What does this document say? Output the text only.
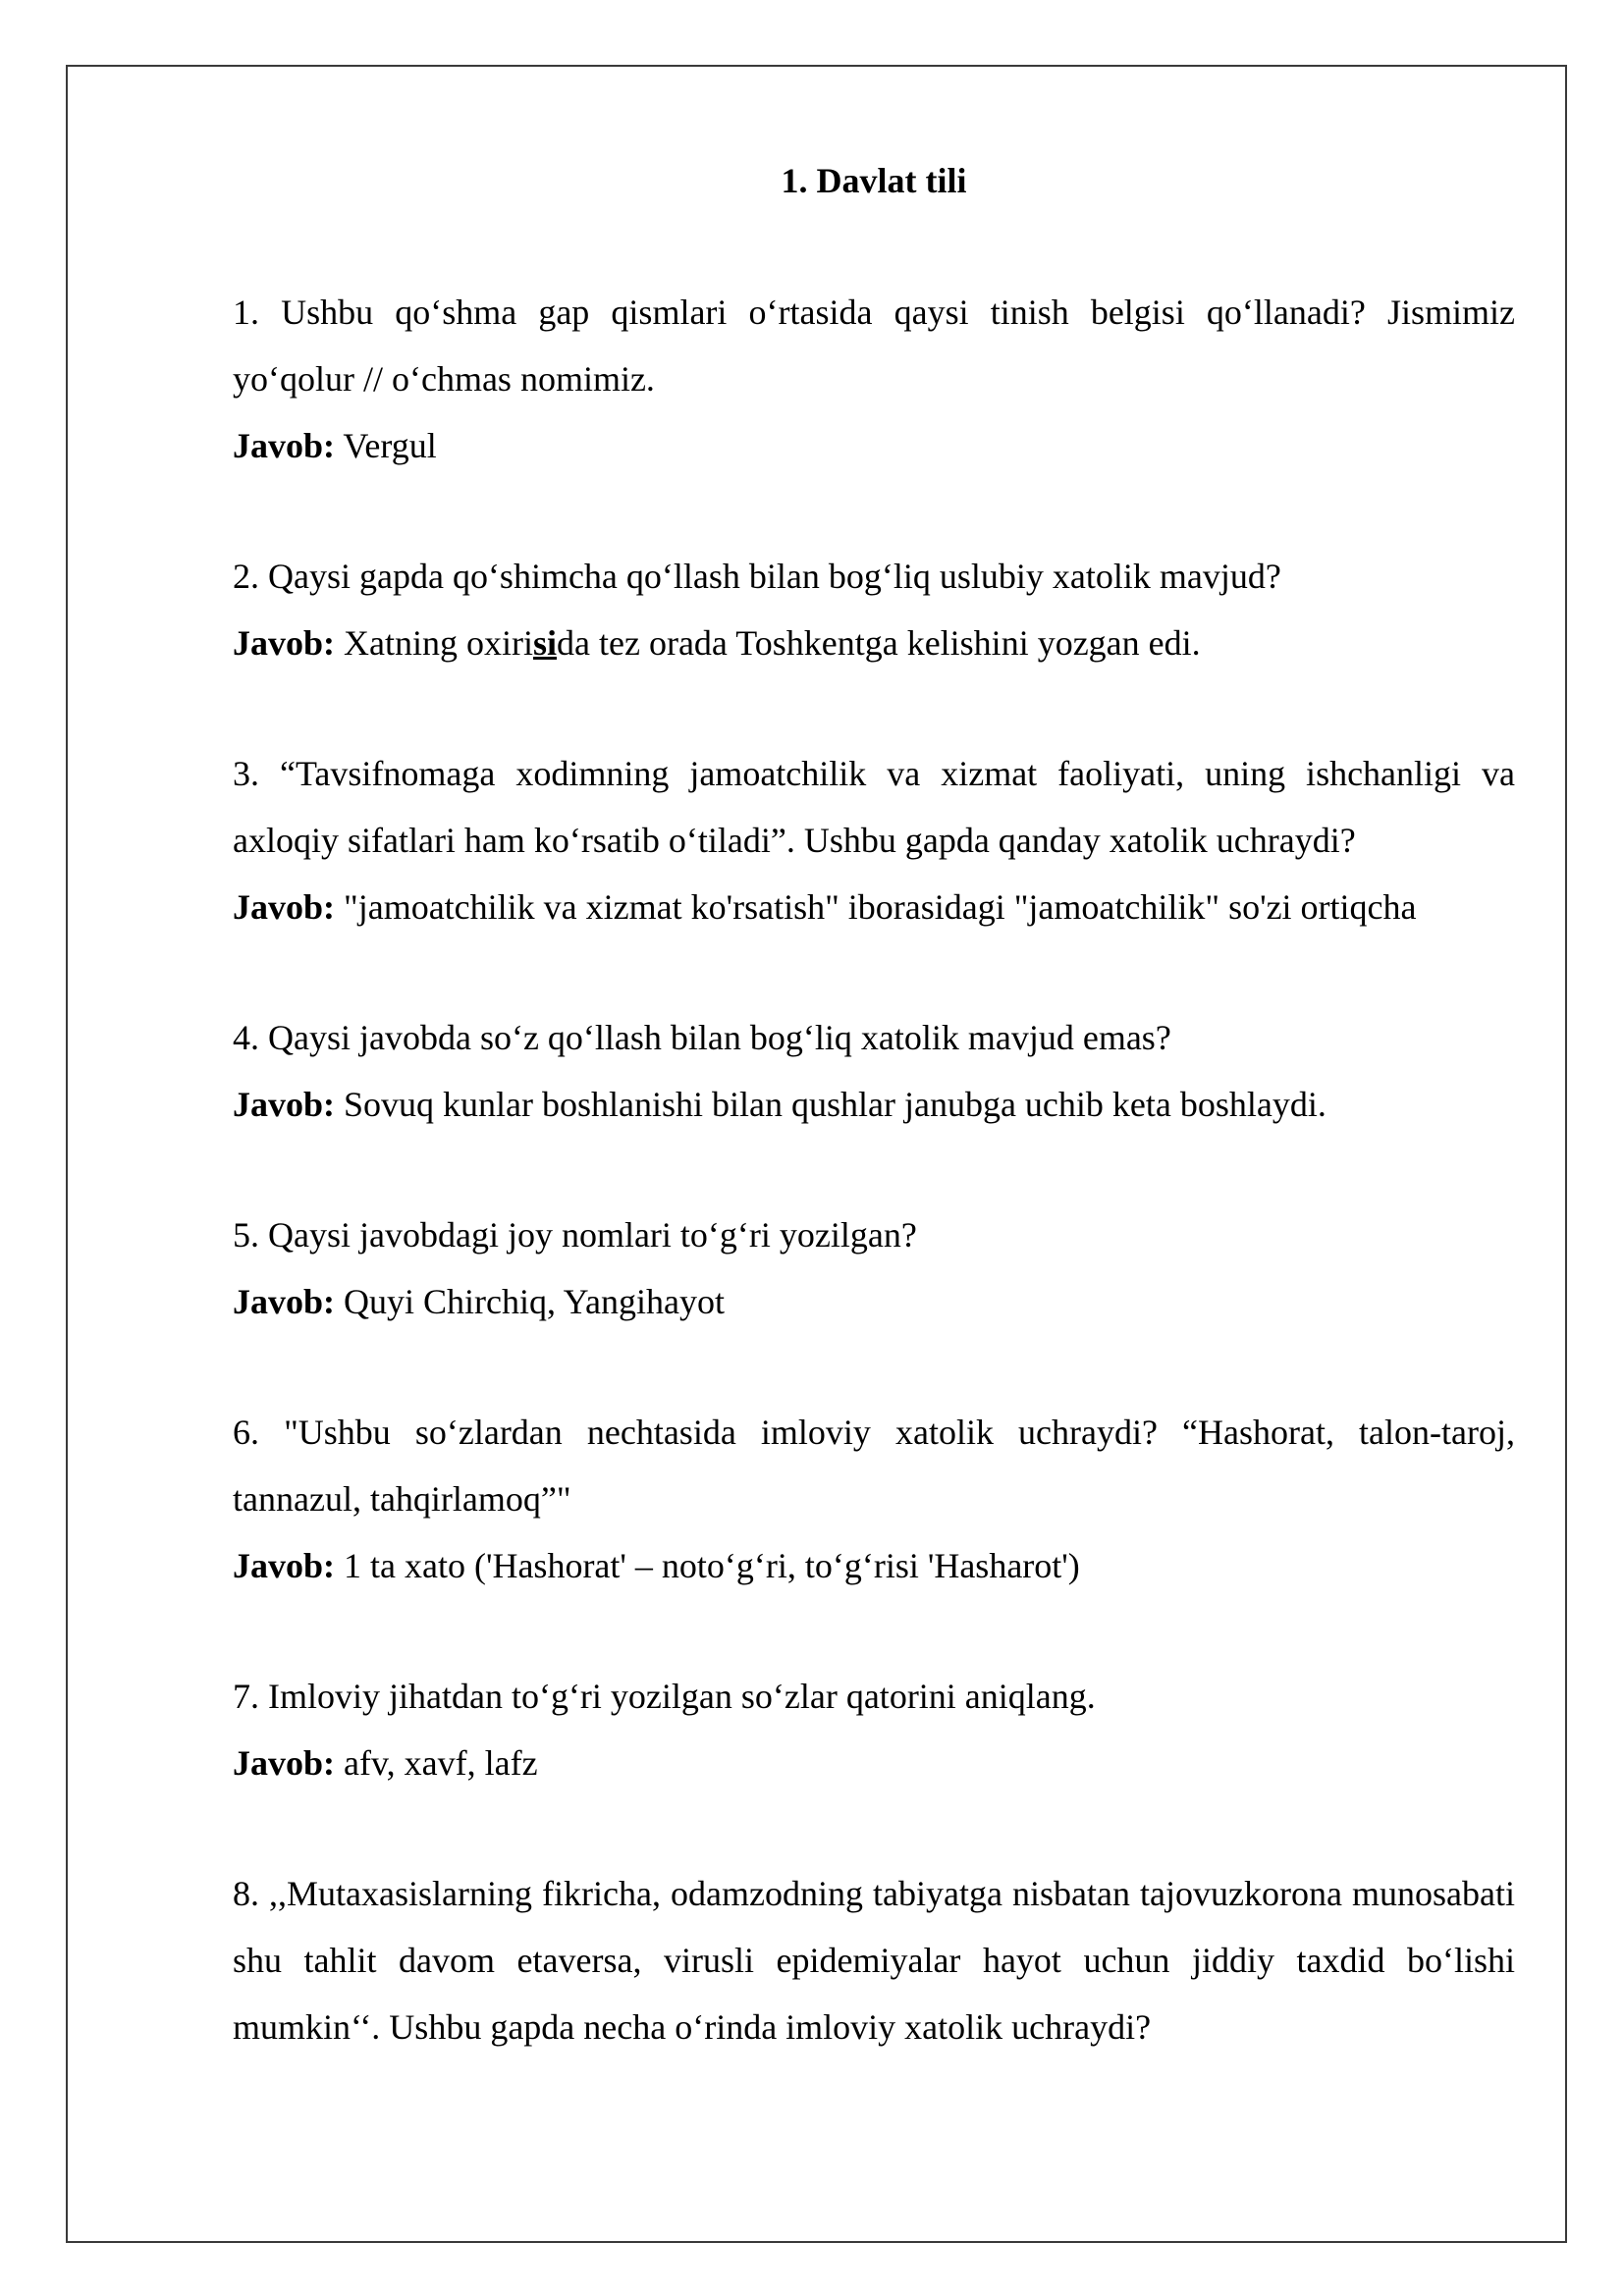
1. Davlat tili

1. Ushbu qo‘shma gap qismlari o‘rtasida qaysi tinish belgisi qo‘llanadi? Jismimiz yo‘qolur // o‘chmas nomimiz.

Javob: Vergul

2. Qaysi gapda qo‘shimcha qo‘llash bilan bog‘liq uslubiy xatolik mavjud?

Javob: Xatning oxirisida tez orada Toshkentga kelishini yozgan edi.

3. “Tavsifnomaga xodimning jamoatchilik va xizmat faoliyati, uning ishchanligi va axloqiy sifatlari ham ko‘rsatib o‘tiladi”. Ushbu gapda qanday xatolik uchraydi?

Javob: "jamoatchilik va xizmat ko'rsatish" iborasidagi "jamoatchilik" so'zi ortiqcha

4. Qaysi javobda so‘z qo‘llash bilan bog‘liq xatolik mavjud emas?

Javob: Sovuq kunlar boshlanishi bilan qushlar janubga uchib keta boshlaydi.

5. Qaysi javobdagi joy nomlari to‘g‘ri yozilgan?

Javob: Quyi Chirchiq, Yangihayot

6. "Ushbu so‘zlardan nechtasida imloviy xatolik uchraydi? “Hashorat, talon-taroj, tannazul, tahqirlamoq”"

Javob: 1 ta xato ('Hashorat' – noto‘g‘ri, to‘g‘risi 'Hasharot')

7. Imloviy jihatdan to‘g‘ri yozilgan so‘zlar qatorini aniqlang.

Javob: afv, xavf, lafz

8. ,,Mutaxasislarning fikricha, odamzodning tabiyatga nisbatan tajovuzkorona munosabati shu tahlit davom etaversa, virusli epidemiyalar hayot uchun jiddiy taxdid bo‘lishi mumkin‘‘. Ushbu gapda necha o‘rinda imloviy xatolik uchraydi?
